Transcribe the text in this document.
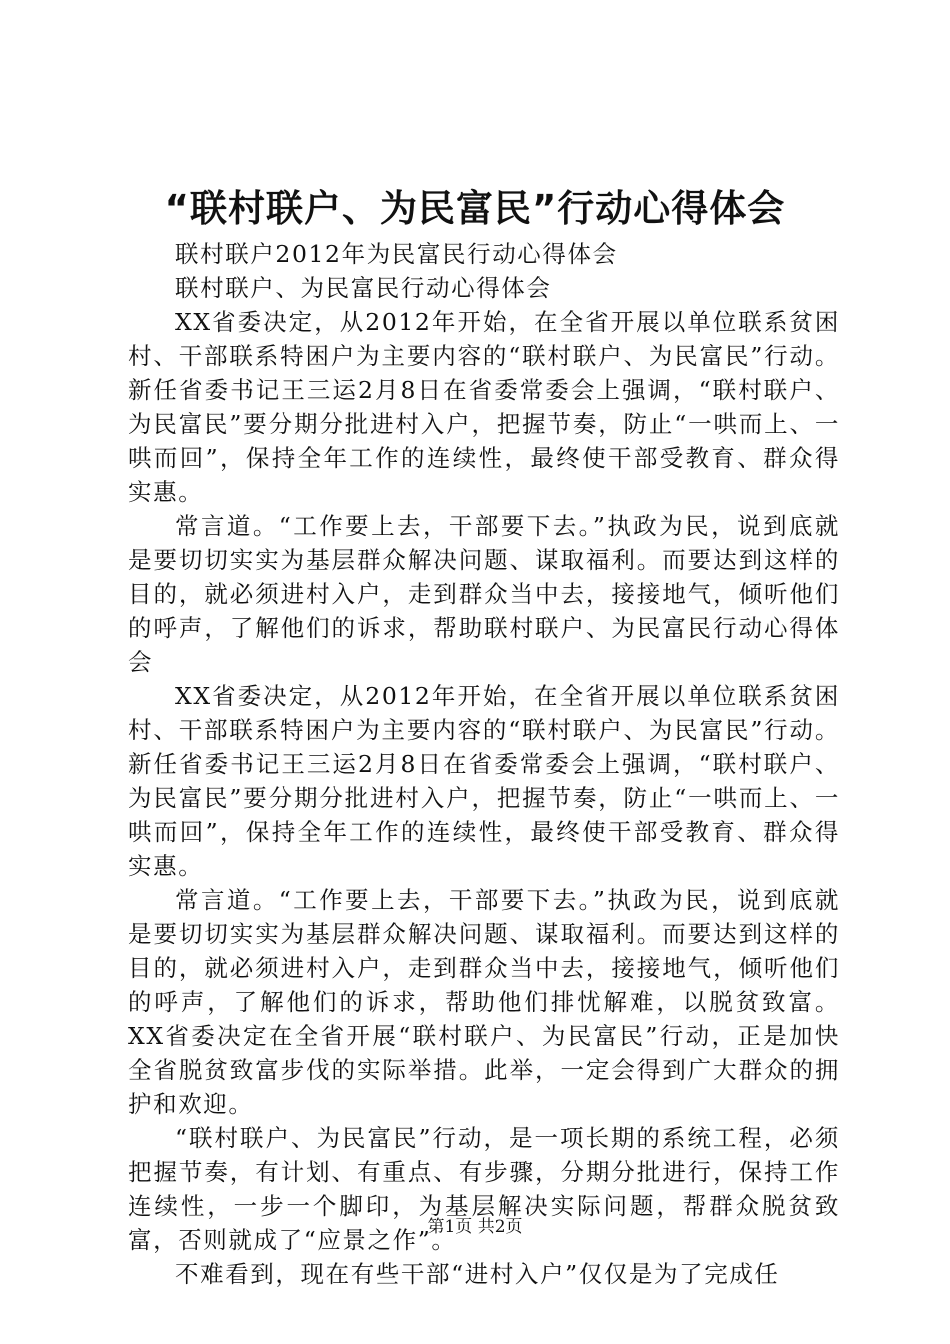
“联村联户、为民富民”行动心得体会

联村联户2012年为民富民行动心得体会

联村联户、为民富民行动心得体会

XX省委决定，从2012年开始，在全省开展以单位联系贫困村、干部联系特困户为主要内容的“联村联户、为民富民”行动。新任省委书记王三运2月8日在省委常委会上强调，“联村联户、为民富民”要分期分批进村入户，把握节奏，防止“一哄而上、一哄而回”，保持全年工作的连续性，最终使干部受教育、群众得实惠。

常言道。“工作要上去，干部要下去。”执政为民，说到底就是要切切实实为基层群众解决问题、谋取福利。而要达到这样的目的，就必须进村入户，走到群众当中去，接接地气，倾听他们的呼声，了解他们的诉求，帮助联村联户、为民富民行动心得体会

XX省委决定，从2012年开始，在全省开展以单位联系贫困村、干部联系特困户为主要内容的“联村联户、为民富民”行动。新任省委书记王三运2月8日在省委常委会上强调，“联村联户、为民富民”要分期分批进村入户，把握节奏，防止“一哄而上、一哄而回”，保持全年工作的连续性，最终使干部受教育、群众得实惠。

常言道。“工作要上去，干部要下去。”执政为民，说到底就是要切切实实为基层群众解决问题、谋取福利。而要达到这样的目的，就必须进村入户，走到群众当中去，接接地气，倾听他们的呼声，了解他们的诉求，帮助他们排忧解难，以脱贫致富。XX省委决定在全省开展“联村联户、为民富民”行动，正是加快全省脱贫致富步伐的实际举措。此举，一定会得到广大群众的拥护和欢迎。

“联村联户、为民富民”行动，是一项长期的系统工程，必须把握节奏，有计划、有重点、有步骤，分期分批进行，保持工作连续性，一步一个脚印，为基层解决实际问题，帮群众脱贫致富，否则就成了“应景之作”。

不难看到，现在有些干部“进村入户”仅仅是为了完成任

第1页 共2页
